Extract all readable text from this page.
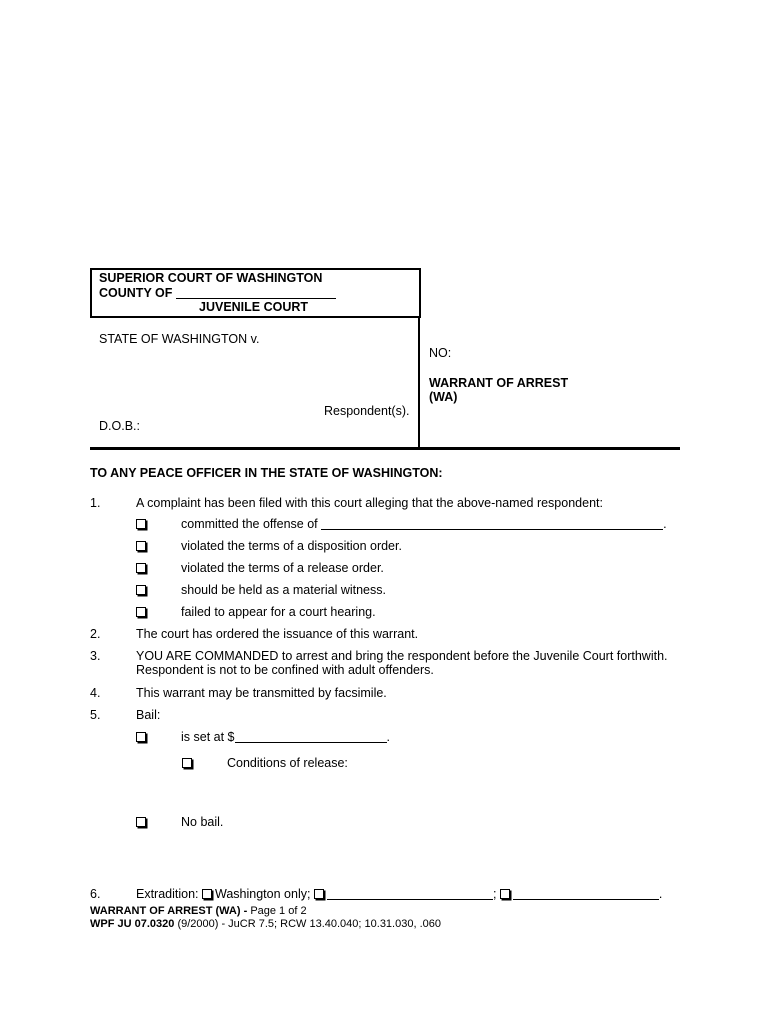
SUPERIOR COURT OF WASHINGTON
COUNTY OF
JUVENILE COURT
STATE OF WASHINGTON v.
Respondent(s).
D.O.B.:
NO:
WARRANT OF ARREST
(WA)
TO ANY PEACE OFFICER IN THE STATE OF WASHINGTON:
1.	A complaint has been filed with this court alleging that the above-named respondent:
committed the offense of	.
violated the terms of a disposition order.
violated the terms of a release order.
should be held as a material witness.
failed to appear for a court hearing.
2.	The court has ordered the issuance of this warrant.
3.	YOU ARE COMMANDED to arrest and bring the respondent before the Juvenile Court forthwith.
Respondent is not to be confined with adult offenders.
4.	This warrant may be transmitted by facsimile.
5.	Bail:
is set at $	.
Conditions of release:
No bail.
6.	Extradition: Washington only;	;	.
WARRANT OF ARREST (WA) - Page 1 of 2
WPF JU 07.0320 (9/2000) - JuCR 7.5; RCW 13.40.040; 10.31.030, .060
